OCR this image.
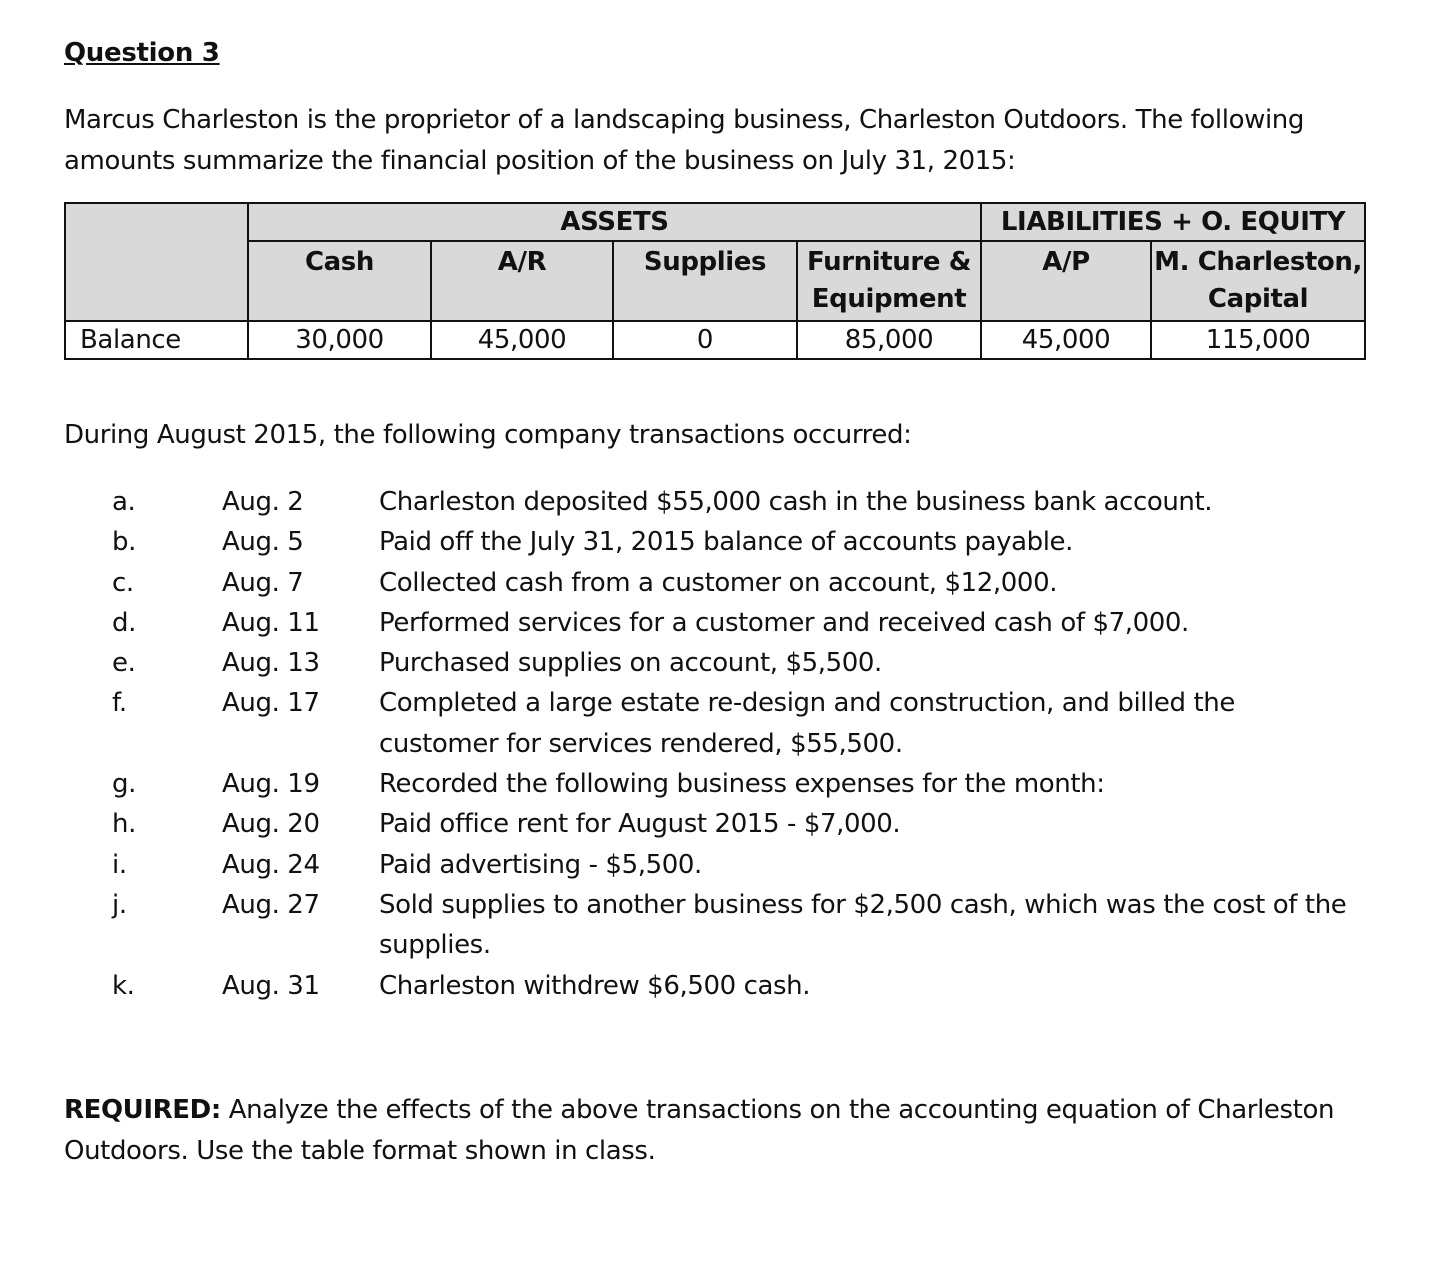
Question 3
Marcus Charleston is the proprietor of a landscaping business, Charleston Outdoors. The following amounts summarize the financial position of the business on July 31, 2015:
	ASSETS				LIABILITIES + O. EQUITY	
	Cash	A/R	Supplies	Furniture & Equipment	A/P	M. Charleston, Capital
Balance	30,000	45,000	0	85,000	45,000	115,000
During August 2015, the following company transactions occurred:
a.	Aug. 2	Charleston deposited $55,000 cash in the business bank account.
b.	Aug. 5	Paid off the July 31, 2015 balance of accounts payable.
c.	Aug. 7	Collected cash from a customer on account, $12,000.
d.	Aug. 11 Performed services for a customer and received cash of $7,000.
e.	Aug. 13 Purchased supplies on account, $5,500.
f.	Aug. 17 Completed a large estate re-design and construction, and billed the customer for services rendered, $55,500.
g.	Aug. 19 Recorded the following business expenses for the month:
h.	Aug. 20 Paid office rent for August 2015 - $7,000.
i.	Aug. 24 Paid advertising - $5,500.
j.	Aug. 27 Sold supplies to another business for $2,500 cash, which was the cost of the supplies.
k.	Aug. 31 Charleston withdrew $6,500 cash.
REQUIRED: Analyze the effects of the above transactions on the accounting equation of Charleston Outdoors. Use the table format shown in class.
